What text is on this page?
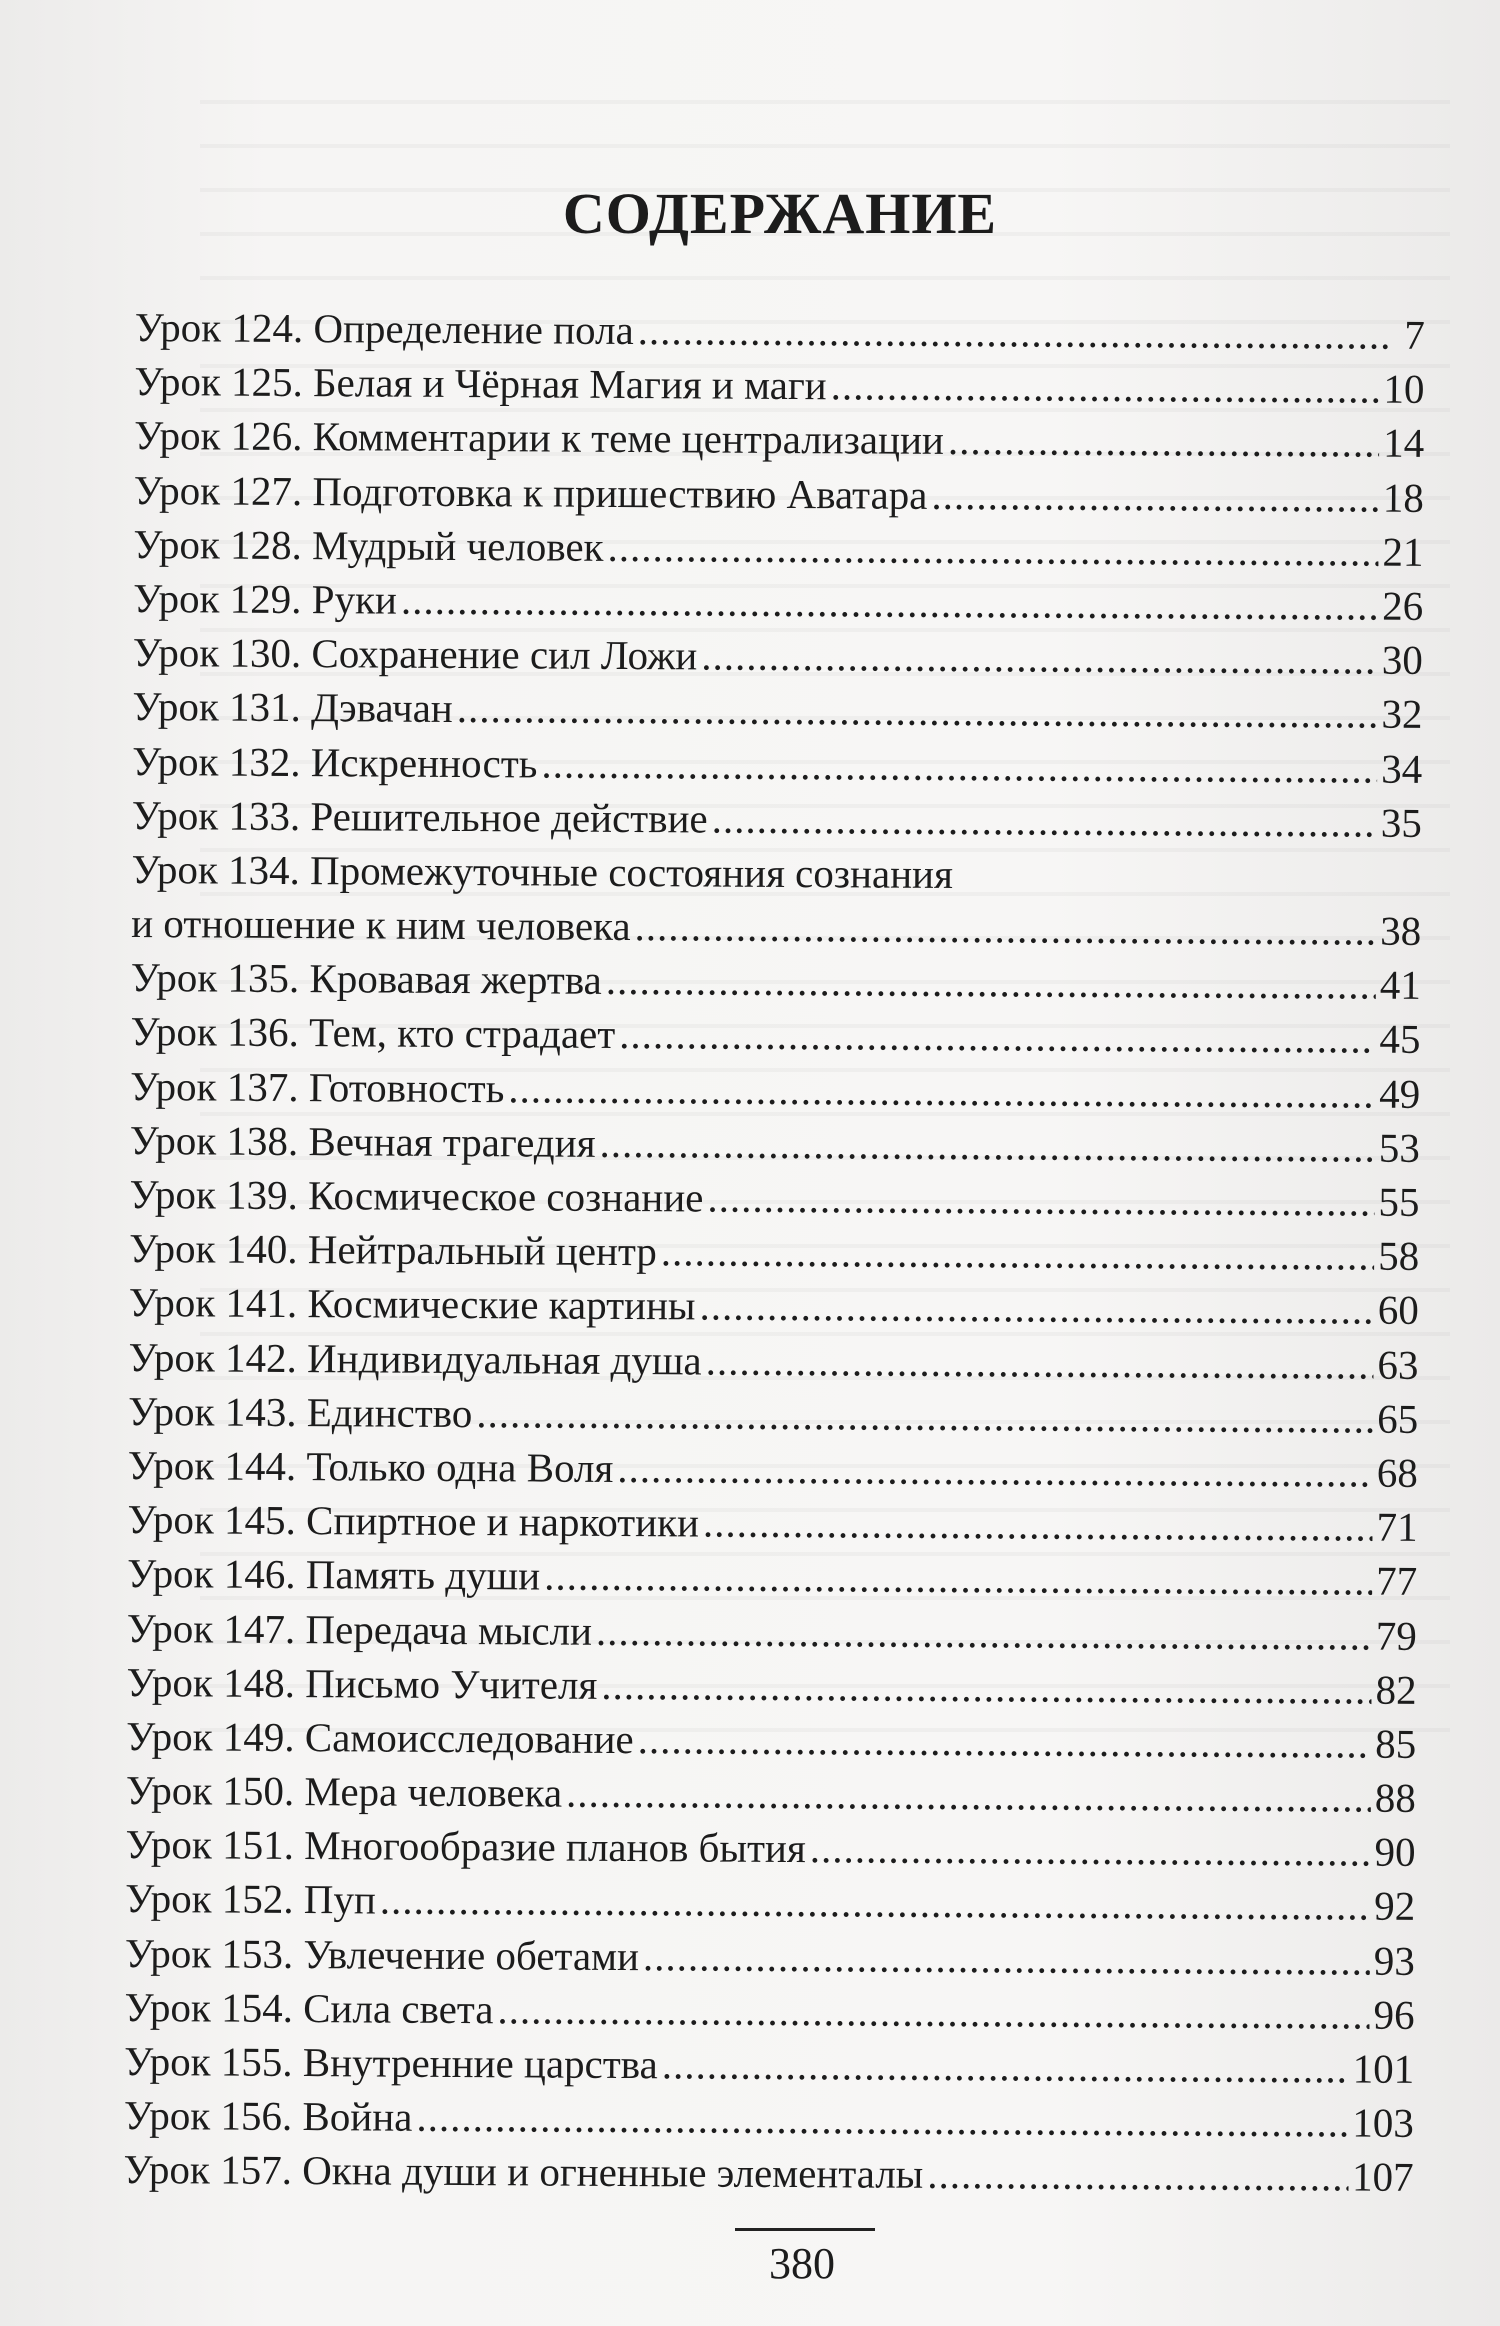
СОДЕРЖАНИЕ
Урок 124. Определение пола .....	7
Урок 125. Белая и Чёрная Магия и маги .....	10
Урок 126. Комментарии к теме централизации .....	14
Урок 127. Подготовка к пришествию Аватара .....	18
Урок 128. Мудрый человек .....	21
Урок 129. Руки .....	26
Урок 130. Сохранение сил Ложи .....	30
Урок 131. Дэвачан .....	32
Урок 132. Искренность .....	34
Урок 133. Решительное действие .....	35
Урок 134. Промежуточные состояния сознания
и отношение к ним человека .....	38
Урок 135. Кровавая жертва .....	41
Урок 136. Тем, кто страдает .....	45
Урок 137. Готовность .....	49
Урок 138. Вечная трагедия .....	53
Урок 139. Космическое сознание .....	55
Урок 140. Нейтральный центр .....	58
Урок 141. Космические картины .....	60
Урок 142. Индивидуальная душа .....	63
Урок 143. Единство .....	65
Урок 144. Только одна Воля .....	68
Урок 145. Спиртное и наркотики .....	71
Урок 146. Память души .....	77
Урок 147. Передача мысли .....	79
Урок 148. Письмо Учителя .....	82
Урок 149. Самоисследование .....	85
Урок 150. Мера человека .....	88
Урок 151. Многообразие планов бытия .....	90
Урок 152. Пуп .....	92
Урок 153. Увлечение обетами .....	93
Урок 154. Сила света .....	96
Урок 155. Внутренние царства .....	101
Урок 156. Война .....	103
Урок 157. Окна души и огненные элементалы .....	107
380
